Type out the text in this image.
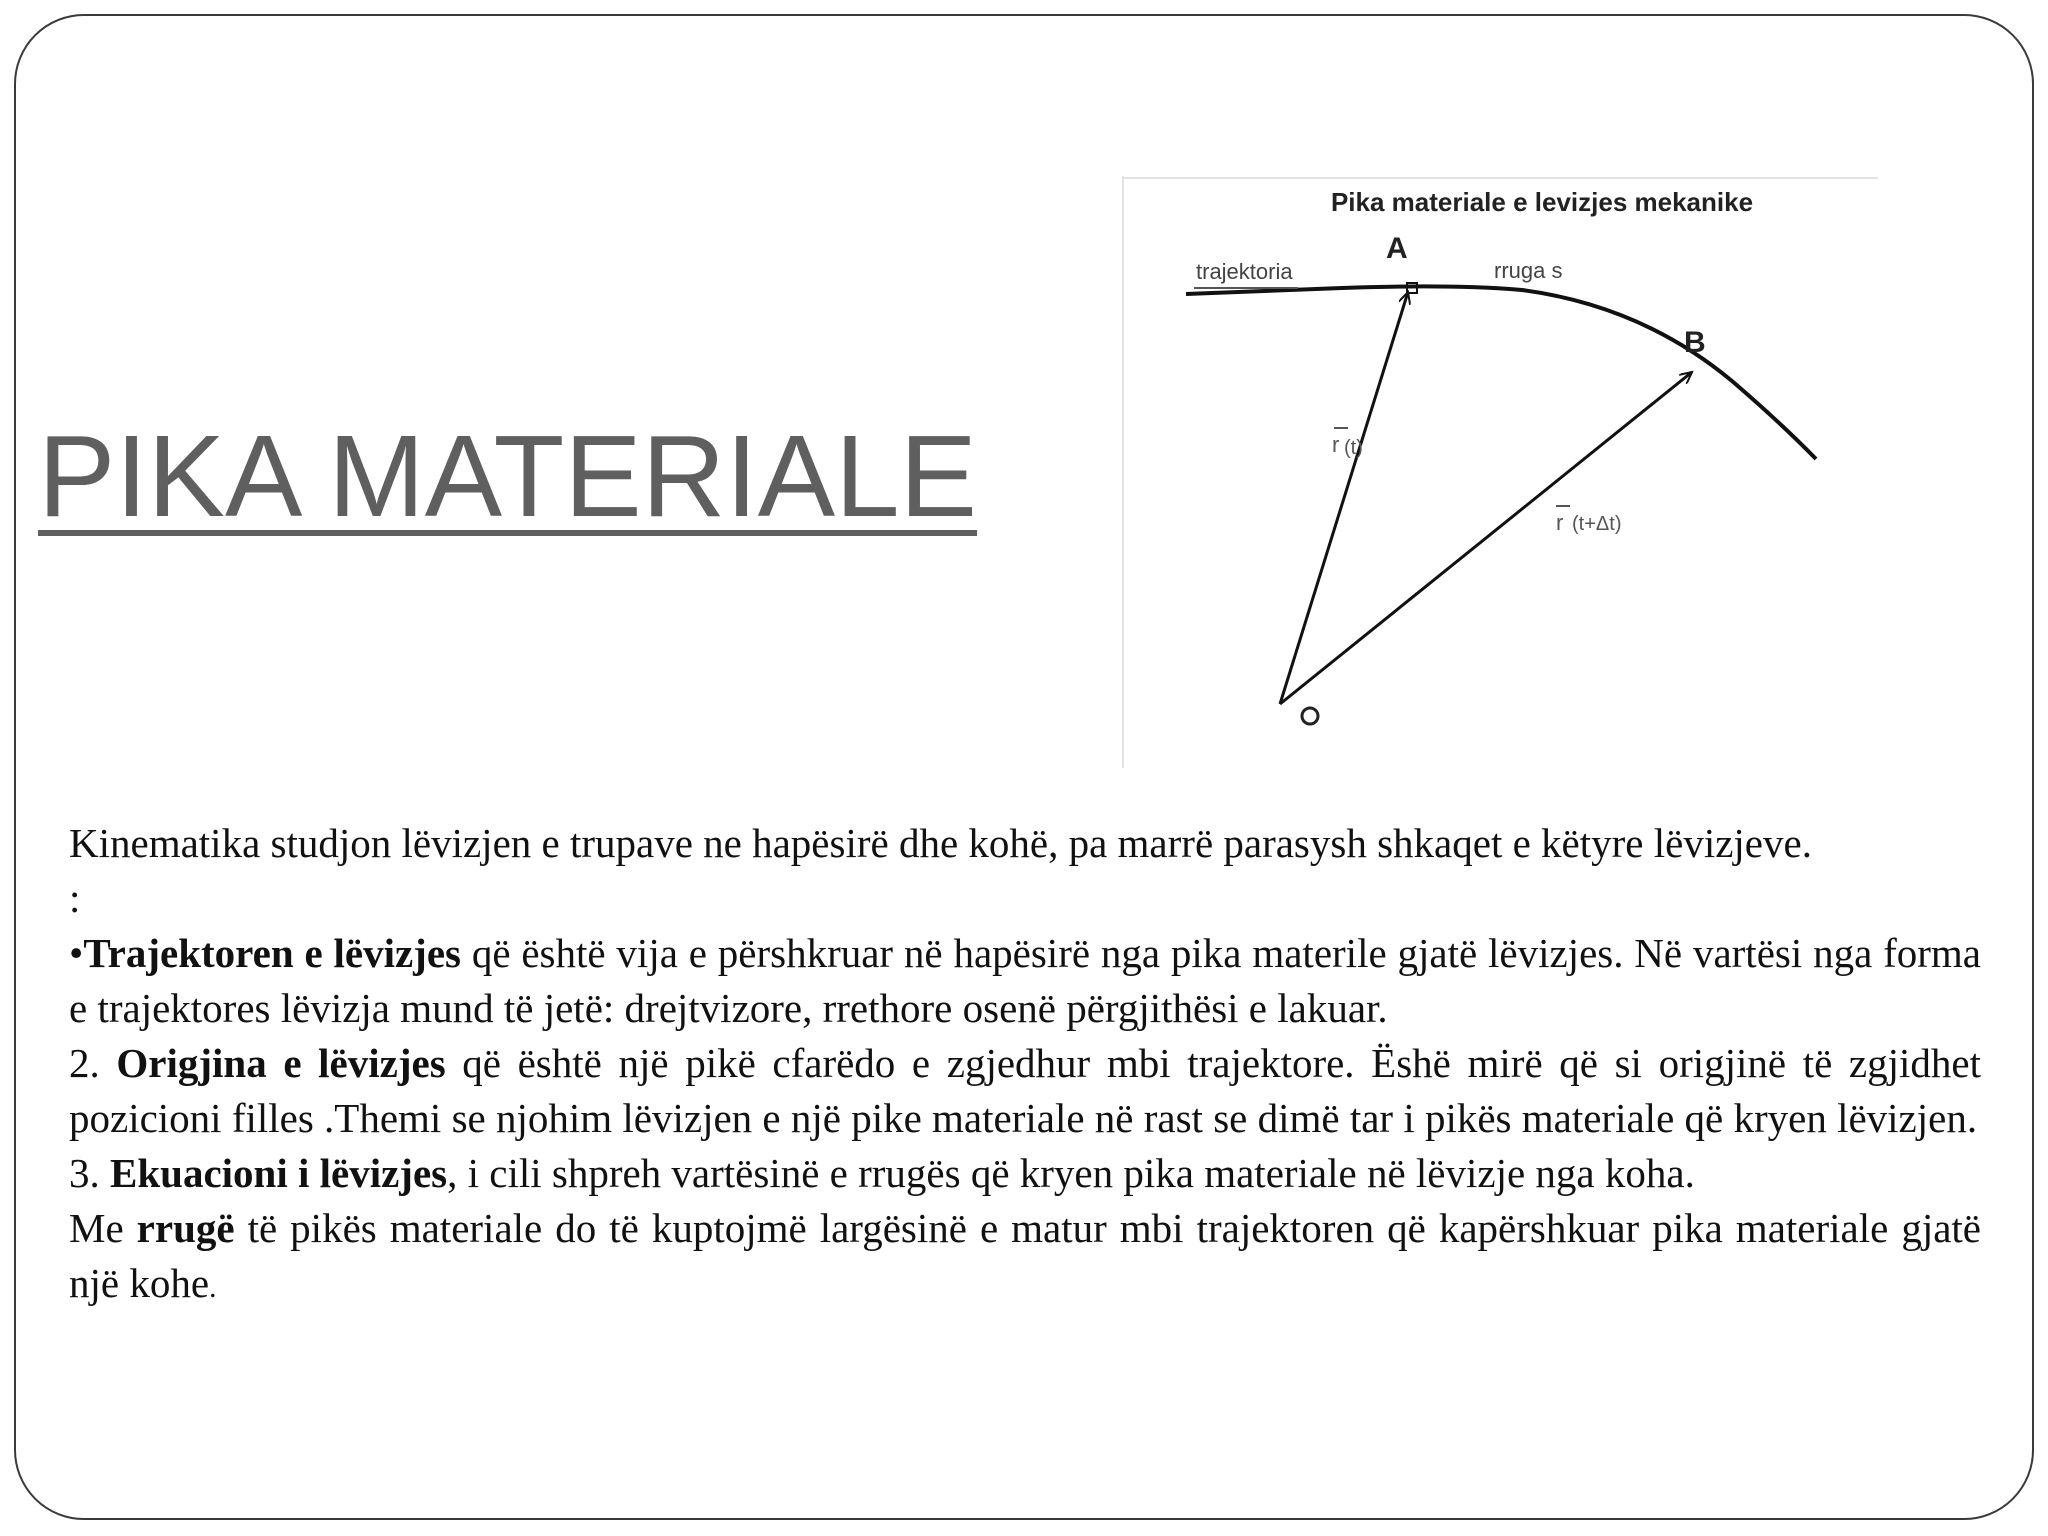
PIKA MATERIALE
Pika materiale e levizjes mekanike
trajektoria	rruga s
A
B
O
r (t)
r (t+Δt)

Kinematika studjon lëvizjen e trupave ne hapësirë dhe kohë, pa marrë parasysh shkaqet e këtyre lëvizjeve.

:

•Trajektoren e lëvizjes që është vija e përshkruar në hapësirë nga pika materile gjatë lëvizjes. Në vartësi nga forma e trajektores lëvizja mund të jetë: drejtvizore, rrethore osenë përgjithësi e lakuar.

2. Origjina e lëvizjes që është një pikë cfarëdo e zgjedhur mbi trajektore. Ëshë mirë që si origjinë të zgjidhet pozicioni filles .Themi se njohim lëvizjen e një pike materiale në rast se dimë tar i pikës materiale që kryen lëvizjen.

3. Ekuacioni i lëvizjes, i cili shpreh vartësinë e rrugës që kryen pika materiale në lëvizje nga koha.

Me rrugë të pikës materiale do të kuptojmë largësinë e matur mbi trajektoren që kapërshkuar pika materiale gjatë një kohe.
